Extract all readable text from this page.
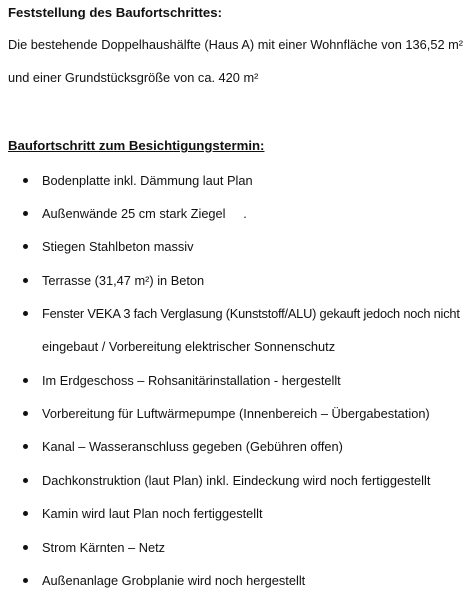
Feststellung des Baufortschrittes:
Die bestehende Doppelhaushälfte (Haus A) mit einer Wohnfläche von 136,52 m²
und einer Grundstücksgröße von ca. 420 m²
Baufortschritt zum Besichtigungstermin:
Bodenplatte inkl. Dämmung laut Plan
Außenwände 25 cm stark Ziegel     .
Stiegen Stahlbeton massiv
Terrasse (31,47 m²) in Beton
Fenster VEKA 3 fach Verglasung (Kunststoff/ALU) gekauft jedoch noch nicht
eingebaut / Vorbereitung elektrischer Sonnenschutz
Im Erdgeschoss – Rohsanitärinstallation - hergestellt
Vorbereitung für Luftwärmepumpe (Innenbereich – Übergabestation)
Kanal – Wasseranschluss gegeben (Gebühren offen)
Dachkonstruktion (laut Plan) inkl. Eindeckung wird noch fertiggestellt
Kamin wird laut Plan noch fertiggestellt
Strom Kärnten – Netz
Außenanlage Grobplanie wird noch hergestellt
